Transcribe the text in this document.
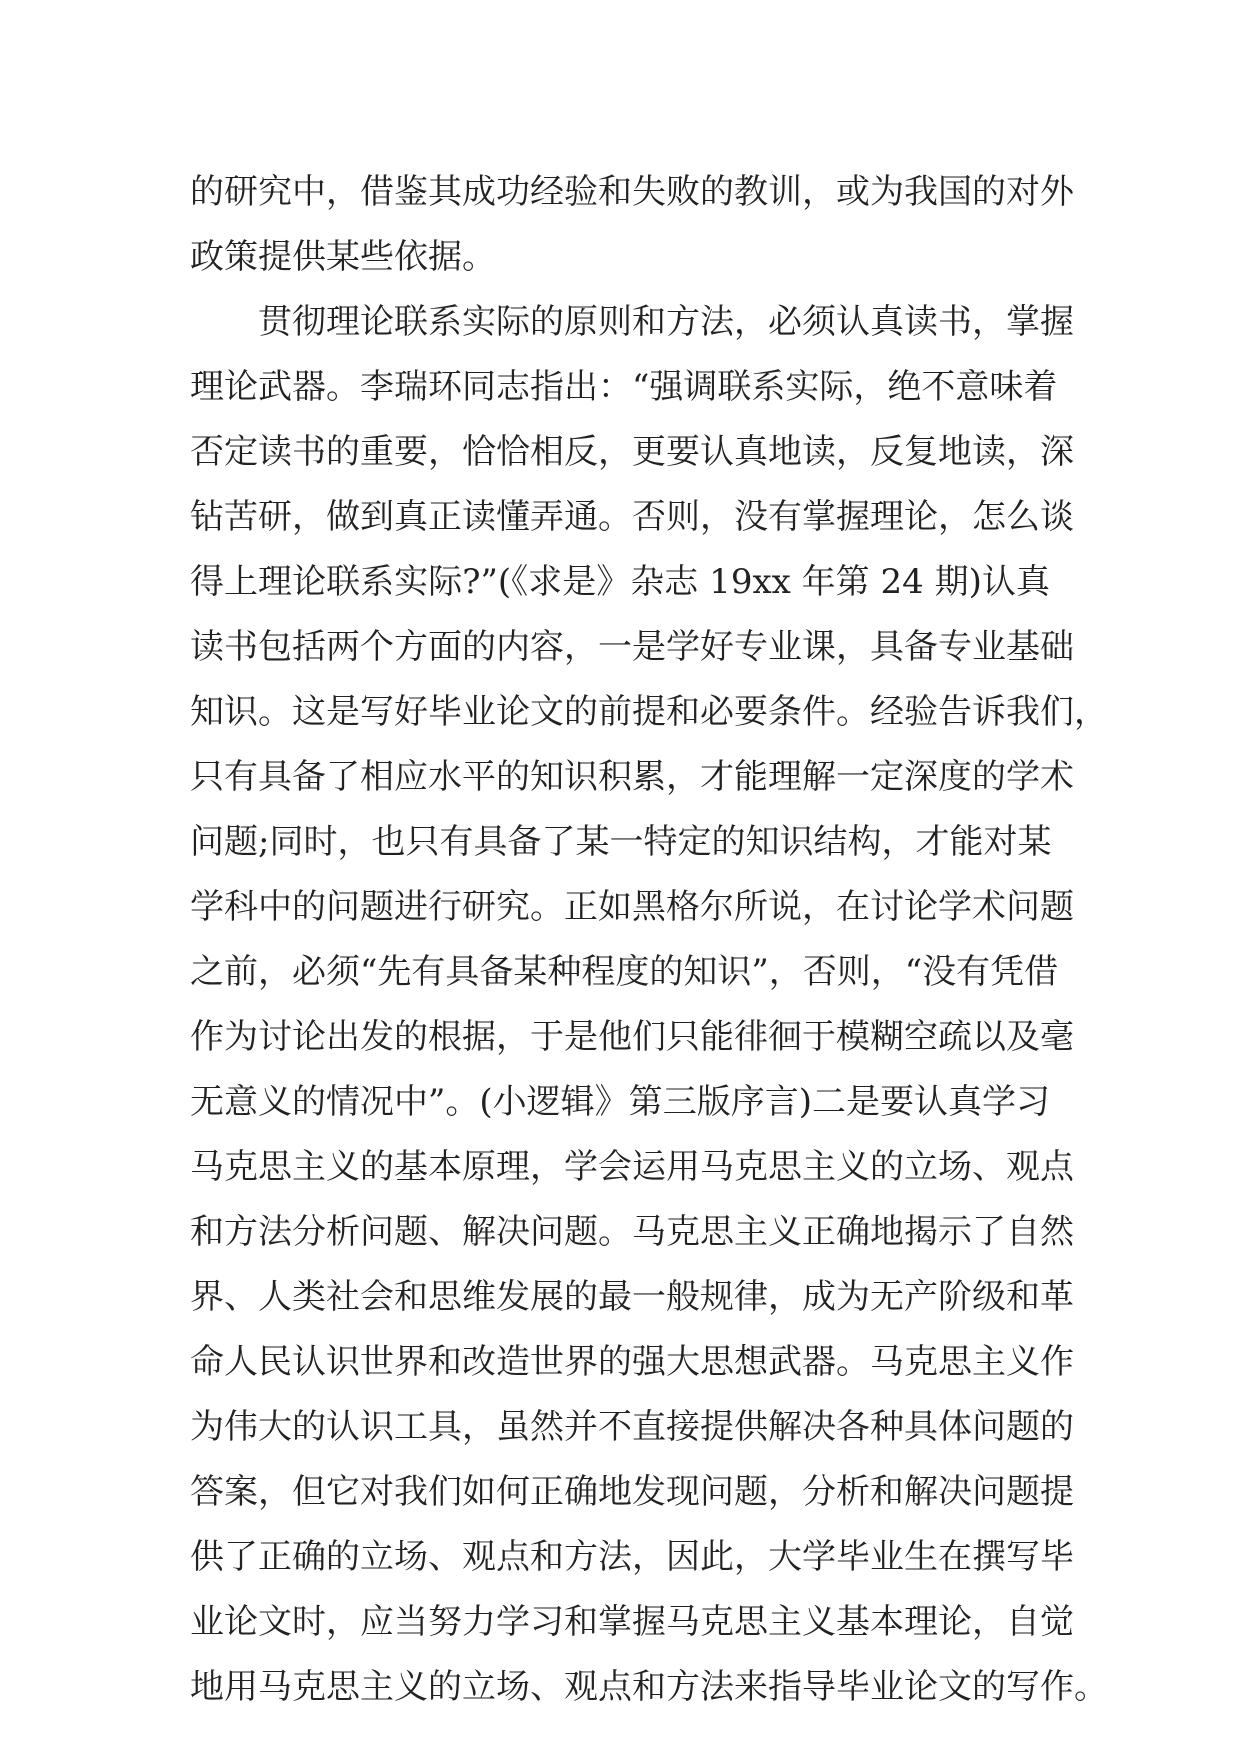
的研究中，借鉴其成功经验和失败的教训，或为我国的对外
政策提供某些依据。
贯彻理论联系实际的原则和方法，必须认真读书，掌握
理论武器。李瑞环同志指出：“强调联系实际，绝不意味着
否定读书的重要，恰恰相反，更要认真地读，反复地读，深
钻苦研，做到真正读懂弄通。否则，没有掌握理论，怎么谈
得上理论联系实际?”(《求是》杂志 19xx 年第 24 期)认真
读书包括两个方面的内容，一是学好专业课，具备专业基础
知识。这是写好毕业论文的前提和必要条件。经验告诉我们，
只有具备了相应水平的知识积累，才能理解一定深度的学术
问题;同时，也只有具备了某一特定的知识结构，才能对某
学科中的问题进行研究。正如黑格尔所说，在讨论学术问题
之前，必须“先有具备某种程度的知识”，否则，“没有凭借
作为讨论出发的根据，于是他们只能徘徊于模糊空疏以及毫
无意义的情况中”。(小逻辑》第三版序言)二是要认真学习
马克思主义的基本原理，学会运用马克思主义的立场、观点
和方法分析问题、解决问题。马克思主义正确地揭示了自然
界、人类社会和思维发展的最一般规律，成为无产阶级和革
命人民认识世界和改造世界的强大思想武器。马克思主义作
为伟大的认识工具，虽然并不直接提供解决各种具体问题的
答案，但它对我们如何正确地发现问题，分析和解决问题提
供了正确的立场、观点和方法，因此，大学毕业生在撰写毕
业论文时，应当努力学习和掌握马克思主义基本理论，自觉
地用马克思主义的立场、观点和方法来指导毕业论文的写作。
